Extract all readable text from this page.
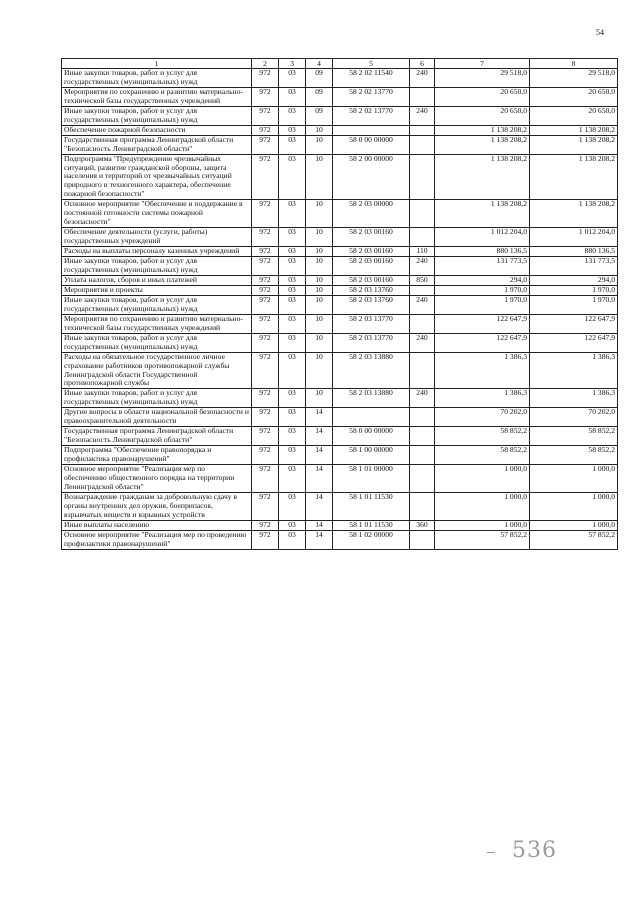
54
1	2	3	4	5	6	7	8
Иные закупки товаров, работ и услуг для государственных (муниципальных) нужд	972	03	09	58 2 02 11540	240	29 518,0	29 518,0
Мероприятия по сохранению и развитию материально-технической базы государственных учреждений	972	03	09	58 2 02 13770		20 650,0	20 650,0
Иные закупки товаров, работ и услуг для государственных (муниципальных) нужд	972	03	09	58 2 02 13770	240	20 650,0	20 650,0
Обеспечение пожарной безопасности	972	03	10			1 138 208,2	1 138 208,2
Государственная программа Ленинградской области "Безопасность Ленинградской области"	972	03	10	58 0 00 00000		1 138 208,2	1 138 208,2
Подпрограмма "Предупреждение чрезвычайных ситуаций, развитие гражданской обороны, защита населения и территорий от чрезвычайных ситуаций природного и техногенного характера, обеспечение пожарной безопасности"	972	03	10	58 2 00 00000		1 138 208,2	1 138 208,2
Основное мероприятие "Обеспечение и поддержание в постоянной готовности системы пожарной безопасности"	972	03	10	58 2 03 00000		1 138 208,2	1 138 208,2
Обеспечение деятельности (услуги, работы) государственных учреждений	972	03	10	58 2 03 00160		1 012 204,0	1 012 204,0
Расходы на выплаты персоналу казенных учреждений	972	03	10	58 2 03 00160	110	880 136,5	880 136,5
Иные закупки товаров, работ и услуг для государственных (муниципальных) нужд	972	03	10	58 2 03 00160	240	131 773,5	131 773,5
Уплата налогов, сборов и иных платежей	972	03	10	58 2 03 00160	850	294,0	294,0
Мероприятия и проекты	972	03	10	58 2 03 13760		1 970,0	1 970,0
Иные закупки товаров, работ и услуг для государственных (муниципальных) нужд	972	03	10	58 2 03 13760	240	1 970,0	1 970,0
Мероприятия по сохранению и развитию материально-технической базы государственных учреждений	972	03	10	58 2 03 13770		122 647,9	122 647,9
Иные закупки товаров, работ и услуг для государственных (муниципальных) нужд	972	03	10	58 2 03 13770	240	122 647,9	122 647,9
Расходы на обязательное государственное личное страхование работников противопожарной службы Ленинградской области Государственной противопожарной службы	972	03	10	58 2 03 13880		1 386,3	1 386,3
Иные закупки товаров, работ и услуг для государственных (муниципальных) нужд	972	03	10	58 2 03 13880	240	1 386,3	1 386,3
Другие вопросы в области национальной безопасности и правоохранительной деятельности	972	03	14			70 202,0	70 202,0
Государственная программа Ленинградской области "Безопасность Ленинградской области"	972	03	14	58 0 00 00000		58 852,2	58 852,2
Подпрограмма "Обеспечение правопорядка и профилактика правонарушений"	972	03	14	58 1 00 00000		58 852,2	58 852,2
Основное мероприятие "Реализация мер по обеспечению общественного порядка на территории Ленинградской области"	972	03	14	58 1 01 00000		1 000,0	1 000,0
Вознаграждение гражданам за добровольную сдачу в органы внутренних дел оружия, боеприпасов, взрывчатых веществ и взрывных устройств	972	03	14	58 1 01 11530		1 000,0	1 000,0
Иные выплаты населению	972	03	14	58 1 01 11530	360	1 000,0	1 000,0
Основное мероприятие "Реализация мер по проведению профилактики правонарушений"	972	03	14	58 1 02 00000		57 852,2	57 852,2
536
